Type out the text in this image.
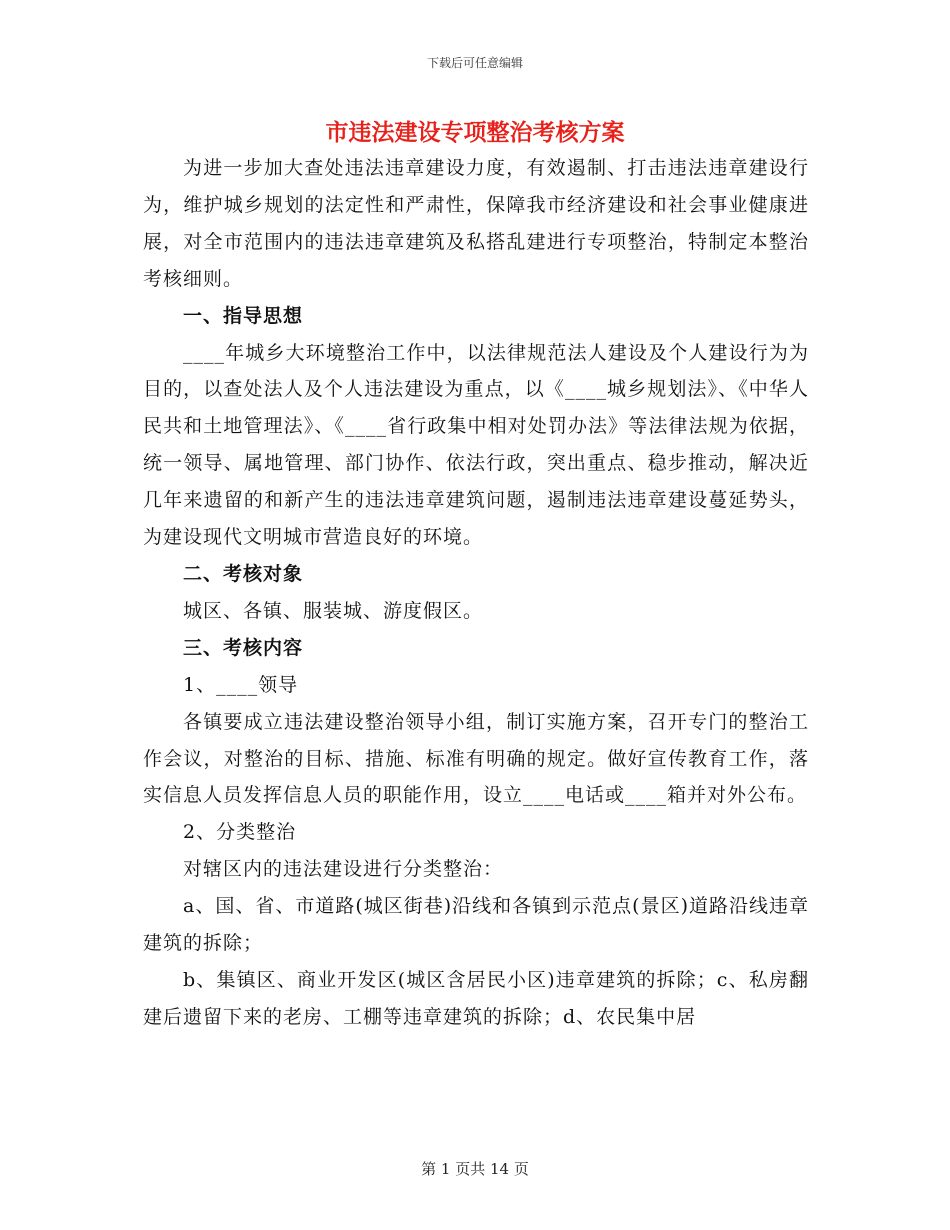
下载后可任意编辑
市违法建设专项整治考核方案

为进一步加大查处违法违章建设力度，有效遏制、打击违法违章建设行为，维护城乡规划的法定性和严肃性，保障我市经济建设和社会事业健康进展，对全市范围内的违法违章建筑及私搭乱建进行专项整治，特制定本整治考核细则。

一、指导思想

____年城乡大环境整治工作中，以法律规范法人建设及个人建设行为为目的，以查处法人及个人违法建设为重点，以《____城乡规划法》、《中华人民共和土地管理法》、《____省行政集中相对处罚办法》等法律法规为依据，统一领导、属地管理、部门协作、依法行政，突出重点、稳步推动，解决近几年来遗留的和新产生的违法违章建筑问题，遏制违法违章建设蔓延势头，为建设现代文明城市营造良好的环境。

二、考核对象

城区、各镇、服装城、游度假区。

三、考核内容

1、____领导

各镇要成立违法建设整治领导小组，制订实施方案，召开专门的整治工作会议，对整治的目标、措施、标准有明确的规定。做好宣传教育工作，落实信息人员发挥信息人员的职能作用，设立____电话或____箱并对外公布。

2、分类整治

对辖区内的违法建设进行分类整治：

a、国、省、市道路(城区街巷)沿线和各镇到示范点(景区)道路沿线违章建筑的拆除；

b、集镇区、商业开发区(城区含居民小区)违章建筑的拆除；c、私房翻建后遗留下来的老房、工棚等违章建筑的拆除；d、农民集中居

第 1 页共 14 页
